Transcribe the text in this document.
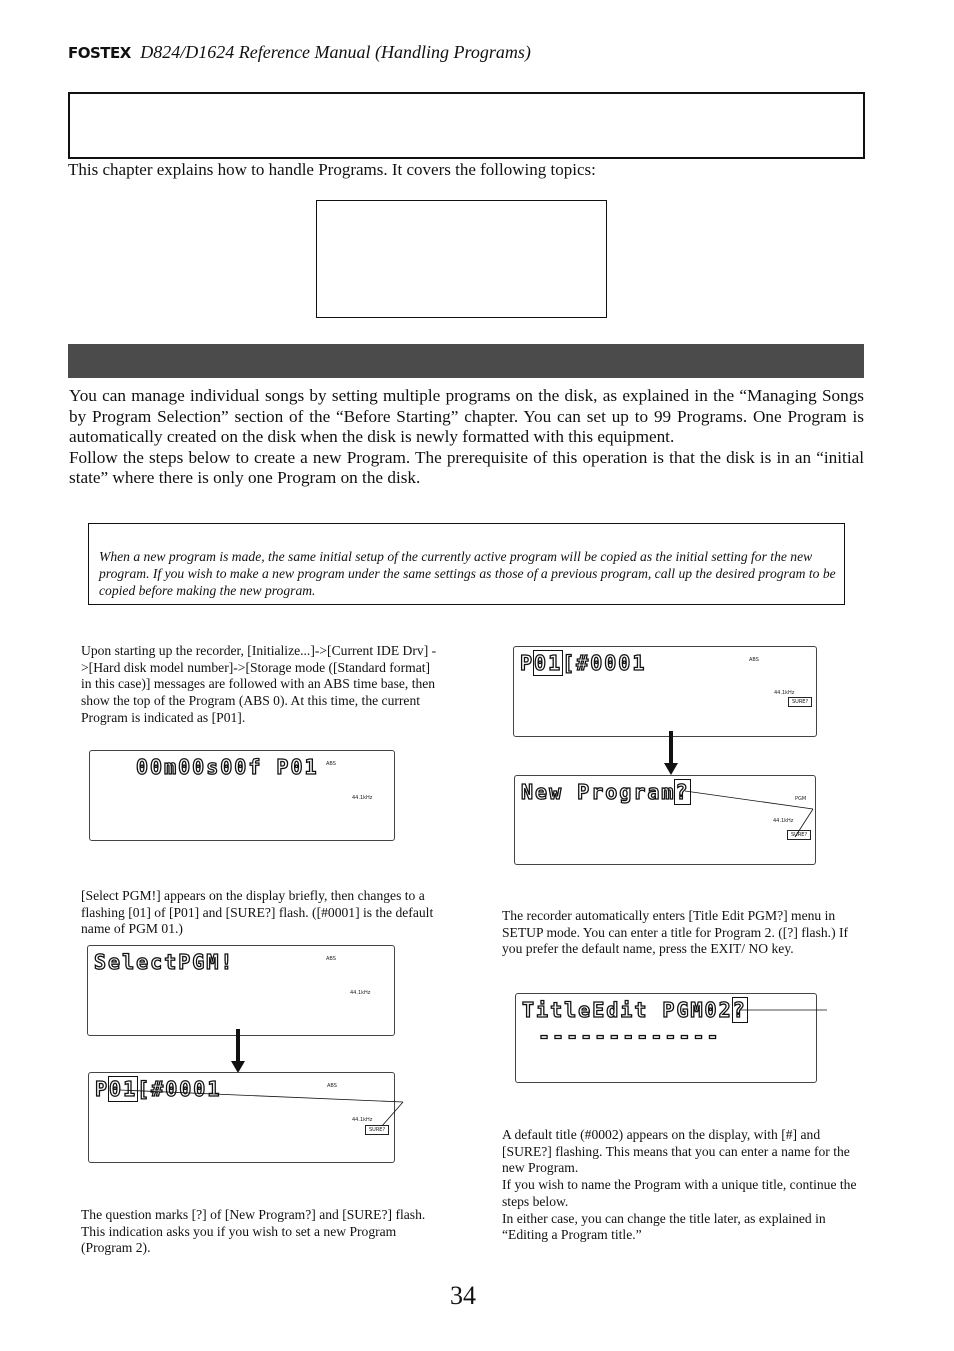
FOSTEX D824/D1624 Reference Manual (Handling Programs)
This chapter explains how to handle Programs. It covers the following topics:

You can manage individual songs by setting multiple programs on the disk, as explained in the “Managing Songs by Program Selection” section of the “Before Starting” chapter. You can set up to 99 Programs. One Program is automatically created on the disk when the disk is newly formatted with this equipment.

Follow the steps below to create a new Program. The prerequisite of this operation is that the disk is in an “initial state” where there is only one Program on the disk.

When a new program is made, the same initial setup of the currently active program will be copied as the initial setting for the new program. If you wish to make a new program under the same settings as those of a previous program, call up the desired program to be copied before making the new program.
Upon starting up the recorder, [Initialize...]->[Current IDE Drv] ->[Hard disk model number]->[Storage mode ([Standard format] in this case)] messages are followed with an ABS time base, then show the top of the Program (ABS 0). At this time, the current Program is indicated as [P01].
00m00s00f P01 ABS
44.1kHz
[Select PGM!] appears on the display briefly, then changes to a flashing [01] of [P01] and [SURE?] flash. ([#0001] is the default name of PGM 01.)
SelectPGM!	ABS
44.1kHz
P01[#0001	ABS
44.1kHz
SURE?
The question marks [?] of [New Program?] and [SURE?] flash. This indication asks you if you wish to set a new Program (Program 2).
P01[#0001	ABS
44.1kHz
SURE?
New Program?	PGM
44.1kHz
SURE?
The recorder automatically enters [Title Edit PGM?] menu in SETUP mode. You can enter a title for Program 2. ([?] flash.) If you prefer the default name, press the EXIT/ NO key.
TitleEdit PGM02?
-------------
A default title (#0002) appears on the display, with [#] and [SURE?] flashing. This means that you can enter a name for the new Program.
If you wish to name the Program with a unique title, continue the steps below.
In either case, you can change the title later, as explained in “Editing a Program title.”
34
